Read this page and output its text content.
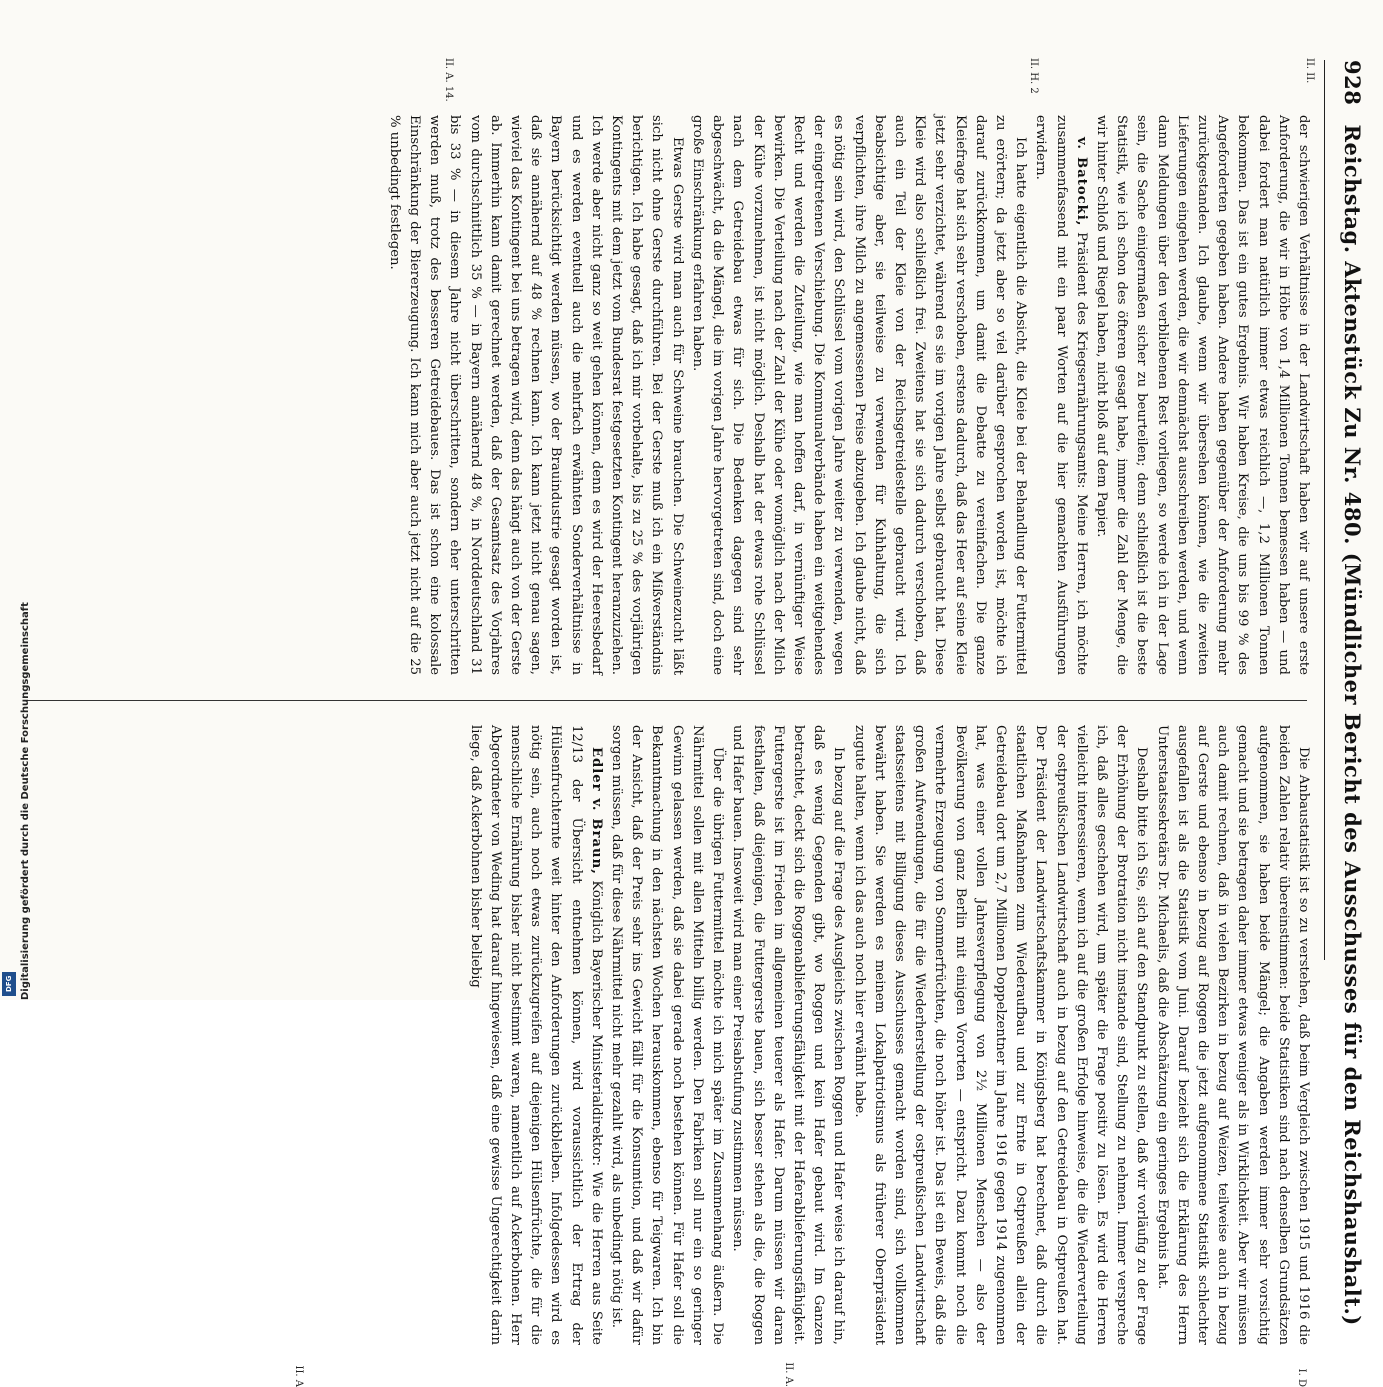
928 Reichstag. Aktenstück Zu Nr. 480. (Mündlicher Bericht des Ausschusses für den Reichshaushalt.)
II. II.
II. H. 2
II. A. 14.

der schwierigen Verhältnisse in der Landwirtschaft haben wir auf unsere erste Anforderung, die wir in Höhe von 1,4 Millionen Tonnen bemessen haben — und dabei fordert man natürlich immer etwas reichlich —, 1,2 Millionen Tonnen bekommen. Das ist ein gutes Ergebnis. Wir haben Kreise, die uns bis 99 % des Angeforderten gegeben haben. Andere haben gegenüber der Anforderung mehr zurückgestanden. Ich glaube, wenn wir übersehen können, wie die zweiten Lieferungen eingehen werden, die wir demnächst ausschreiben werden, und wenn dann Meldungen über den verbliebenen Rest vorliegen, so werde ich in der Lage sein, die Sache einigermaßen sicher zu beurteilen; denn schließlich ist die beste Statistik, wie ich schon des öfteren gesagt habe, immer die Zahl der Menge, die wir hinter Schloß und Riegel haben, nicht bloß auf dem Papier.

v. Batocki, Präsident des Kriegsernährungsamts: Meine Herren, ich möchte zusammenfassend mit ein paar Worten auf die hier gemachten Ausführungen erwidern.

Ich hatte eigentlich die Absicht, die Kleie bei der Behandlung der Futtermittel zu erörtern; da jetzt aber so viel darüber gesprochen worden ist, möchte ich darauf zurückkommen, um damit die Debatte zu vereinfachen. Die ganze Kleiefrage hat sich sehr verschoben, erstens dadurch, daß das Heer auf seine Kleie jetzt sehr verzichtet, während es sie im vorigen Jahre selbst gebraucht hat. Diese Kleie wird also schließlich frei. Zweitens hat sie sich dadurch verschoben, daß auch ein Teil der Kleie von der Reichsgetreidestelle gebraucht wird. Ich beabsichtige aber, sie teilweise zu verwenden für Kuhhaltung, die sich verpflichten, ihre Milch zu angemessenen Preise abzugeben. Ich glaube nicht, daß es nötig sein wird, den Schlüssel vom vorigen Jahre weiter zu verwenden, wegen der eingetretenen Verschiebung. Die Kommunalverbände haben ein weitgehendes Recht und werden die Zuteilung, wie man hoffen darf, in vernünftiger Weise bewirken. Die Verteilung nach der Zahl der Kühe oder womöglich nach der Milch der Kühe vorzunehmen, ist nicht möglich. Deshalb hat der etwas rohe Schlüssel nach dem Getreidebau etwas für sich. Die Bedenken dagegen sind sehr abgeschwächt, da die Mängel, die im vorigen Jahre hervorgetreten sind, doch eine große Einschränkung erfahren haben.

Etwas Gerste wird man auch für Schweine brauchen. Die Schweinezucht läßt sich nicht ohne Gerste durchführen. Bei der Gerste muß ich ein Mißverständnis berichtigen. Ich habe gesagt, daß ich mir vorbehalte, bis zu 25 % des vorjährigen Kontingents mit dem jetzt vom Bundesrat festgesetzten Kontingent heranzuziehen. Ich werde aber nicht ganz so weit gehen können, denn es wird der Heeresbedarf und es werden eventuell auch die mehrfach erwähnten Sonderverhältnisse in Bayern berücksichtigt werden müssen, wo der Brauindustrie gesagt worden ist, daß sie annähernd auf 48 % rechnen kann. Ich kann jetzt nicht genau sagen, wieviel das Kontingent bei uns betragen wird, denn das hängt auch von der Gerste ab. Immerhin kann damit gerechnet werden, daß der Gesamtsatz des Vorjahres vom durchschnittlich 35 % — in Bayern annähernd 48 %, in Norddeutschland 31 bis 33 % — in diesem Jahre nicht überschritten, sondern eher unterschritten werden muß, trotz des besseren Getreidebaues. Das ist schon eine kolossale Einschränkung der Biererzeugung. Ich kann mich aber auch jetzt nicht auf die 25 % unbedingt festlegen.

I. D
II. A.
II. A

Die Anbaustatistik ist so zu verstehen, daß beim Vergleich zwischen 1915 und 1916 die beiden Zahlen relativ übereinstimmen: beide Statistiken sind nach denselben Grundsätzen aufgenommen, sie haben beide Mängel; die Angaben werden immer sehr vorsichtig gemacht und sie betragen daher immer etwas weniger als in Wirklichkeit. Aber wir müssen auch damit rechnen, daß in vielen Bezirken in bezug auf Weizen, teilweise auch in bezug auf Gerste und ebenso in bezug auf Roggen die jetzt aufgenommene Statistik schlechter ausgefallen ist als die Statistik vom Juni. Darauf bezieht sich die Erklärung des Herrn Unterstaatssekretärs Dr. Michaelis, daß die Abschätzung ein geringes Ergebnis hat.

Deshalb bitte ich Sie, sich auf den Standpunkt zu stellen, daß wir vorläufig zu der Frage der Erhöhung der Brotration nicht imstande sind, Stellung zu nehmen. Immer verspreche ich, daß alles geschehen wird, um später die Frage positiv zu lösen. Es wird die Herren vielleicht interessieren, wenn ich auf die großen Erfolge hinweise, die die Wiederverteilung der ostpreußischen Landwirtschaft auch in bezug auf den Getreidebau in Ostpreußen hat. Der Präsident der Landwirtschaftskammer in Königsberg hat berechnet, daß durch die staatlichen Maßnahmen zum Wiederaufbau und zur Ernte in Ostpreußen allein der Getreidebau dort um 2,7 Millionen Doppelzentner im Jahre 1916 gegen 1914 zugenommen hat, was einer vollen Jahresverpflegung von 2½ Millionen Menschen — also der Bevölkerung von ganz Berlin mit einigen Vororten — entspricht. Dazu kommt noch die vermehrte Erzeugung von Sommerfrüchten, die noch höher ist. Das ist ein Beweis, daß die großen Aufwendungen, die für die Wiederherstellung der ostpreußischen Landwirtschaft staatsseitens mit Billigung dieses Ausschusses gemacht worden sind, sich vollkommen bewährt haben. Sie werden es meinem Lokalpatriotismus als früherer Oberpräsident zugute halten, wenn ich das auch noch hier erwähnt habe.

In bezug auf die Frage des Ausgleichs zwischen Roggen und Hafer weise ich darauf hin, daß es wenig Gegenden gibt, wo Roggen und kein Hafer gebaut wird. Im Ganzen betrachtet, deckt sich die Roggenablieferungsfähigkeit mit der Haferablieferungsfähigkeit. Futtergerste ist im Frieden im allgemeinen teuerer als Hafer. Darum müssen wir daran festhalten, daß diejenigen, die Futtergerste bauen, sich besser stehen als die, die Roggen und Hafer bauen. Insoweit wird man einer Preisabstufung zustimmen müssen.

Über die übrigen Futtermittel möchte ich mich später im Zusammenhang äußern. Die Nährmittel sollen mit allen Mitteln billig werden. Den Fabriken soll nur ein so geringer Gewinn gelassen werden, daß sie dabei gerade noch bestehen können. Für Hafer soll die Bekanntmachung in den nächsten Wochen herauskommen, ebenso für Teigwaren. Ich bin der Ansicht, daß der Preis sehr ins Gewicht fällt für die Konsumtion, und daß wir dafür sorgen müssen, daß für diese Nährmittel nicht mehr gezahlt wird, als unbedingt nötig ist.

Edler v. Braun, Königlich Bayerischer Ministerialdirektor: Wie die Herren aus Seite 12/13 der Übersicht entnehmen können, wird voraussichtlich der Ertrag der Hülsenfruchternte weit hinter den Anforderungen zurückbleiben. Infolgedessen wird es nötig sein, auch noch etwas zurückzugreifen auf diejenigen Hülsenfrüchte, die für die menschliche Ernährung bisher nicht bestimmt waren, namentlich auf Ackerbohnen. Herr Abgeordneter von Weding hat darauf hingewiesen, daß eine gewisse Ungerechtigkeit darin liege, daß Ackerbohnen bisher beliebig

Digitalisierung gefördert durch die Deutsche Forschungsgemeinschaft
DFG
